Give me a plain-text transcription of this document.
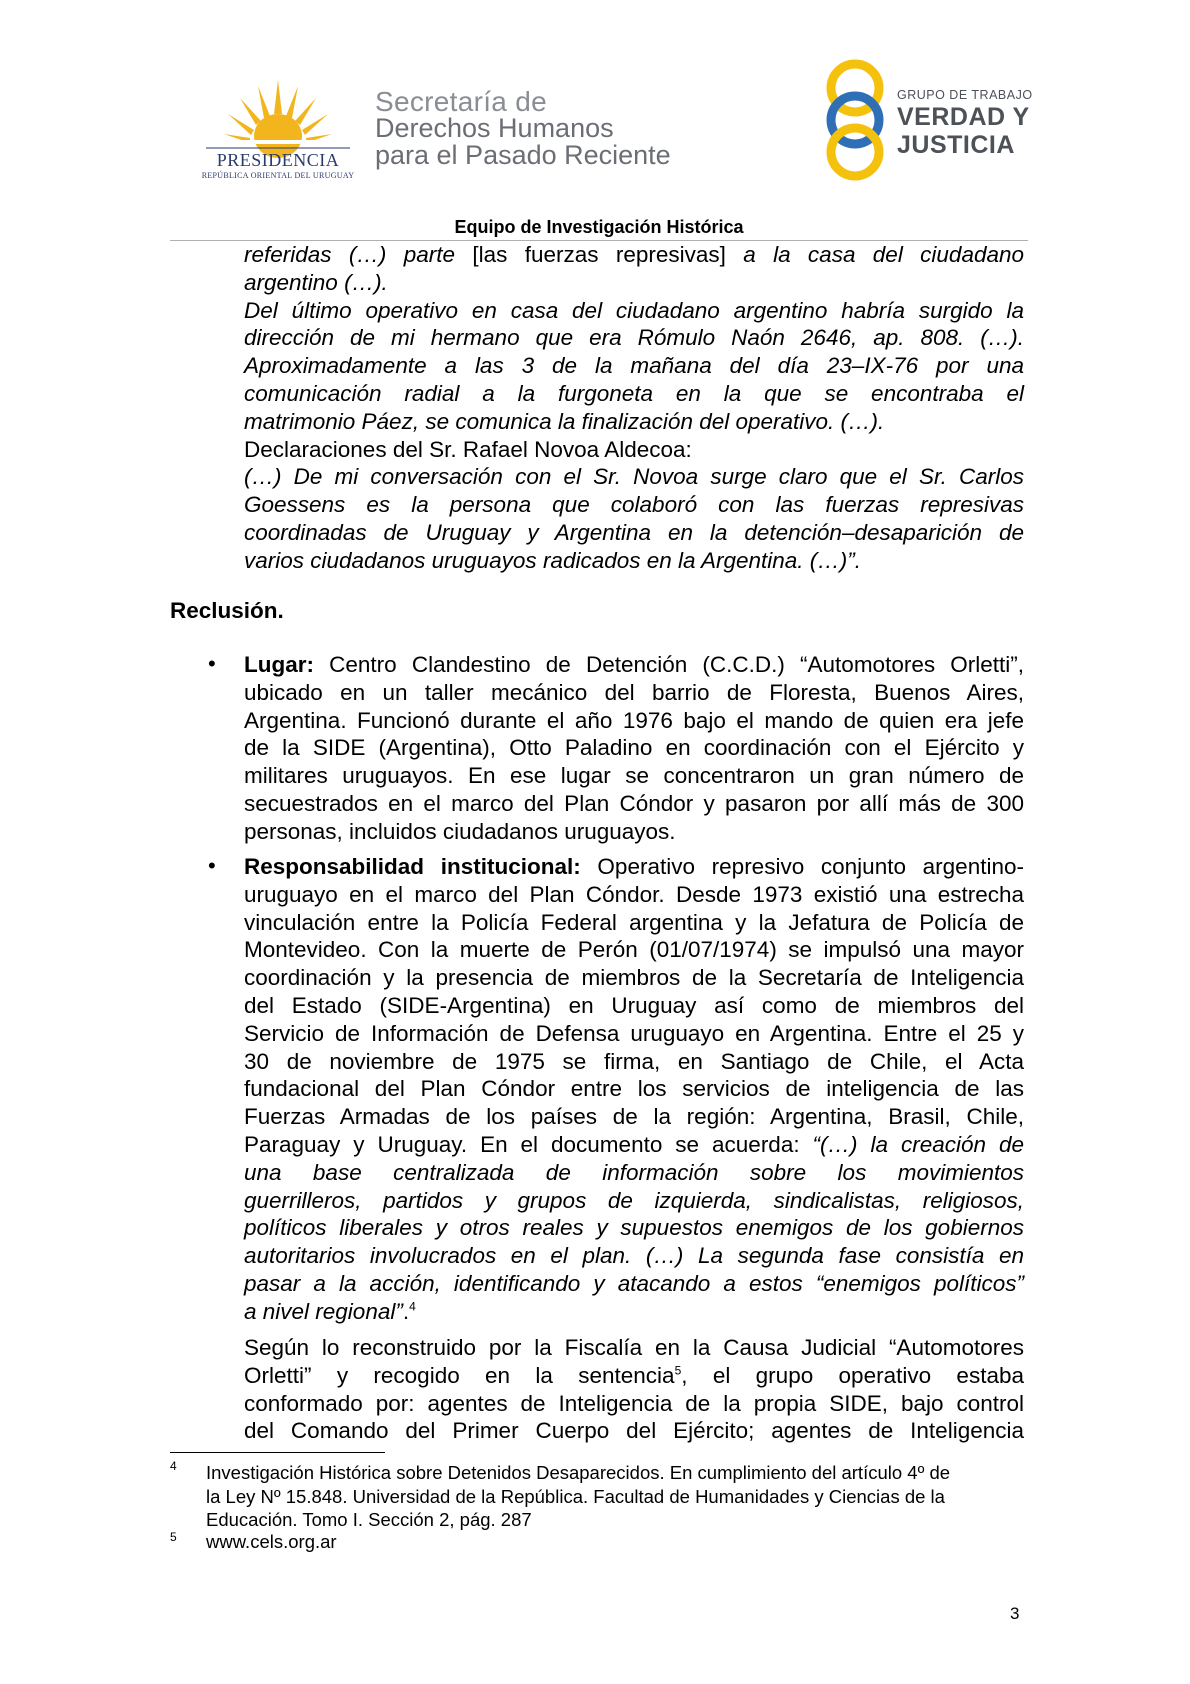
PRESIDENCIA
REPÚBLICA ORIENTAL DEL URUGUAY
Secretaría de
Derechos Humanos
para el Pasado Reciente
GRUPO DE TRABAJO
VERDAD Y
JUSTICIA
Equipo de Investigación Histórica
referidas (…) parte [las fuerzas represivas] a la casa del ciudadano
argentino (…).
Del último operativo en casa del ciudadano argentino habría surgido la
dirección de mi hermano que era Rómulo Naón 2646, ap. 808. (…).
Aproximadamente a las 3 de la mañana del día 23–IX-76 por una
comunicación radial a la furgoneta en la que se encontraba el
matrimonio Páez, se comunica la finalización del operativo. (…).
Declaraciones del Sr. Rafael Novoa Aldecoa:
(…) De mi conversación con el Sr. Novoa surge claro que el Sr. Carlos
Goessens es la persona que colaboró con las fuerzas represivas
coordinadas de Uruguay y Argentina en la detención–desaparición de
varios ciudadanos uruguayos radicados en la Argentina. (…)”.
Reclusión.
• Lugar: Centro Clandestino de Detención (C.C.D.) “Automotores Orletti”,
ubicado en un taller mecánico del barrio de Floresta, Buenos Aires,
Argentina. Funcionó durante el año 1976 bajo el mando de quien era jefe
de la SIDE (Argentina), Otto Paladino en coordinación con el Ejército y
militares uruguayos. En ese lugar se concentraron un gran número de
secuestrados en el marco del Plan Cóndor y pasaron por allí más de 300
personas, incluidos ciudadanos uruguayos.
• Responsabilidad institucional: Operativo represivo conjunto argentino-
uruguayo en el marco del Plan Cóndor. Desde 1973 existió una estrecha
vinculación entre la Policía Federal argentina y la Jefatura de Policía de
Montevideo. Con la muerte de Perón (01/07/1974) se impulsó una mayor
coordinación y la presencia de miembros de la Secretaría de Inteligencia
del Estado (SIDE-Argentina) en Uruguay así como de miembros del
Servicio de Información de Defensa uruguayo en Argentina. Entre el 25 y
30 de noviembre de 1975 se firma, en Santiago de Chile, el Acta
fundacional del Plan Cóndor entre los servicios de inteligencia de las
Fuerzas Armadas de los países de la región: Argentina, Brasil, Chile,
Paraguay y Uruguay. En el documento se acuerda: “(…) la creación de
una base centralizada de información sobre los movimientos
guerrilleros, partidos y grupos de izquierda, sindicalistas, religiosos,
políticos liberales y otros reales y supuestos enemigos de los gobiernos
autoritarios involucrados en el plan. (…) La segunda fase consistía en
pasar a la acción, identificando y atacando a estos “enemigos políticos”
a nivel regional”.$^4$
Según lo reconstruido por la Fiscalía en la Causa Judicial “Automotores
Orletti” y recogido en la sentencia$^5$, el grupo operativo estaba
conformado por: agentes de Inteligencia de la propia SIDE, bajo control
del Comando del Primer Cuerpo del Ejército; agentes de Inteligencia
4 Investigación Histórica sobre Detenidos Desaparecidos. En cumplimiento del artículo 4º de
la Ley Nº 15.848. Universidad de la República. Facultad de Humanidades y Ciencias de la
Educación. Tomo I. Sección 2, pág. 287
5 www.cels.org.ar
3
